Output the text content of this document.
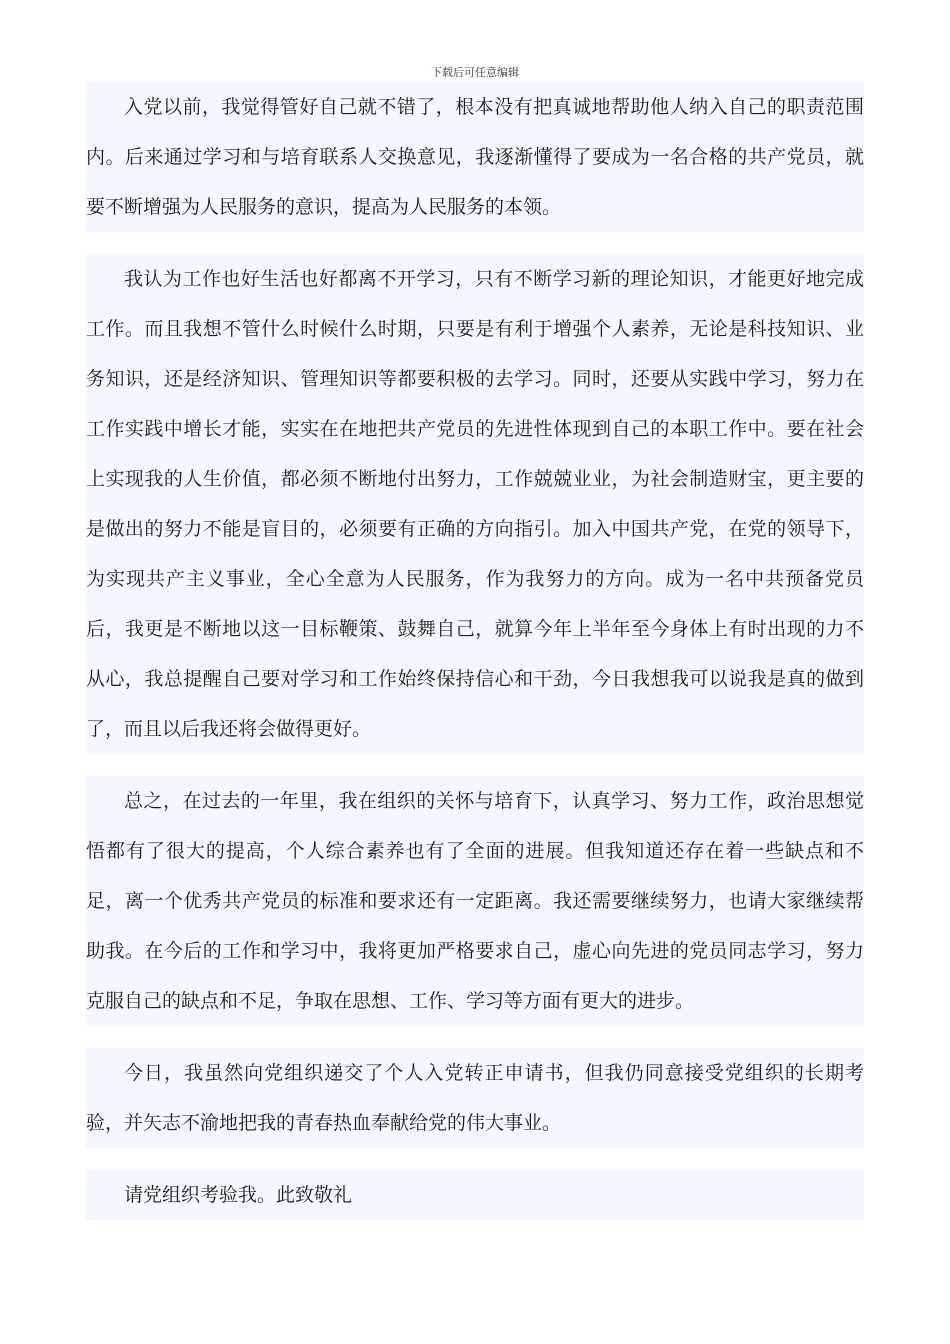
下载后可任意编辑

入党以前，我觉得管好自己就不错了，根本没有把真诚地帮助他人纳入自己的职责范围内。后来通过学习和与培育联系人交换意见，我逐渐懂得了要成为一名合格的共产党员，就要不断增强为人民服务的意识，提高为人民服务的本领。

我认为工作也好生活也好都离不开学习，只有不断学习新的理论知识，才能更好地完成工作。而且我想不管什么时候什么时期，只要是有利于增强个人素养，无论是科技知识、业务知识，还是经济知识、管理知识等都要积极的去学习。同时，还要从实践中学习，努力在工作实践中增长才能，实实在在地把共产党员的先进性体现到自己的本职工作中。要在社会上实现我的人生价值，都必须不断地付出努力，工作兢兢业业，为社会制造财宝，更主要的是做出的努力不能是盲目的，必须要有正确的方向指引。加入中国共产党，在党的领导下，为实现共产主义事业，全心全意为人民服务，作为我努力的方向。成为一名中共预备党员后，我更是不断地以这一目标鞭策、鼓舞自己，就算今年上半年至今身体上有时出现的力不从心，我总提醒自己要对学习和工作始终保持信心和干劲，今日我想我可以说我是真的做到了，而且以后我还将会做得更好。

总之，在过去的一年里，我在组织的关怀与培育下，认真学习、努力工作，政治思想觉悟都有了很大的提高，个人综合素养也有了全面的进展。但我知道还存在着一些缺点和不足，离一个优秀共产党员的标准和要求还有一定距离。我还需要继续努力，也请大家继续帮助我。在今后的工作和学习中，我将更加严格要求自己，虚心向先进的党员同志学习，努力克服自己的缺点和不足，争取在思想、工作、学习等方面有更大的进步。

今日，我虽然向党组织递交了个人入党转正申请书，但我仍同意接受党组织的长期考验，并矢志不渝地把我的青春热血奉献给党的伟大事业。

请党组织考验我。此致敬礼
